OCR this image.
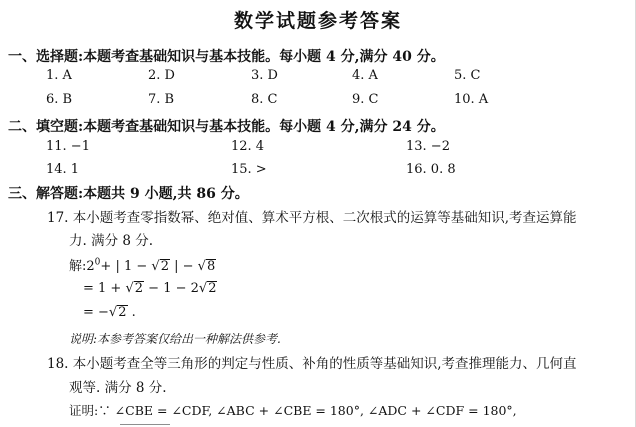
数学试题参考答案
一、选择题:本题考查基础知识与基本技能。每小题 4 分,满分 40 分。
1. A	2. D	3. D	4. A	5. C
6. B	7. B	8. C	9. C	10. A
二、填空题:本题考查基础知识与基本技能。每小题 4 分,满分 24 分。
11. −1	12. 4	13. −2
14. 1	15. >	16. 0. 8
三、解答题:本题共 9 小题,共 86 分。
17. 本小题考查零指数幂、绝对值、算术平方根、二次根式的运算等基础知识,考查运算能
力. 满分 8 分.
解$:2^0+$ | 1 − √2 | − √8
= 1 + √2 − 1 − 2√2
= −√2 .
说明:本参考答案仅给出一种解法供参考.
18. 本小题考查全等三角形的判定与性质、补角的性质等基础知识,考查推理能力、几何直
观等. 满分 8 分.
证明:∵ ∠CBE = ∠CDF, ∠ABC + ∠CBE = 180°, ∠ADC + ∠CDF = 180°,
